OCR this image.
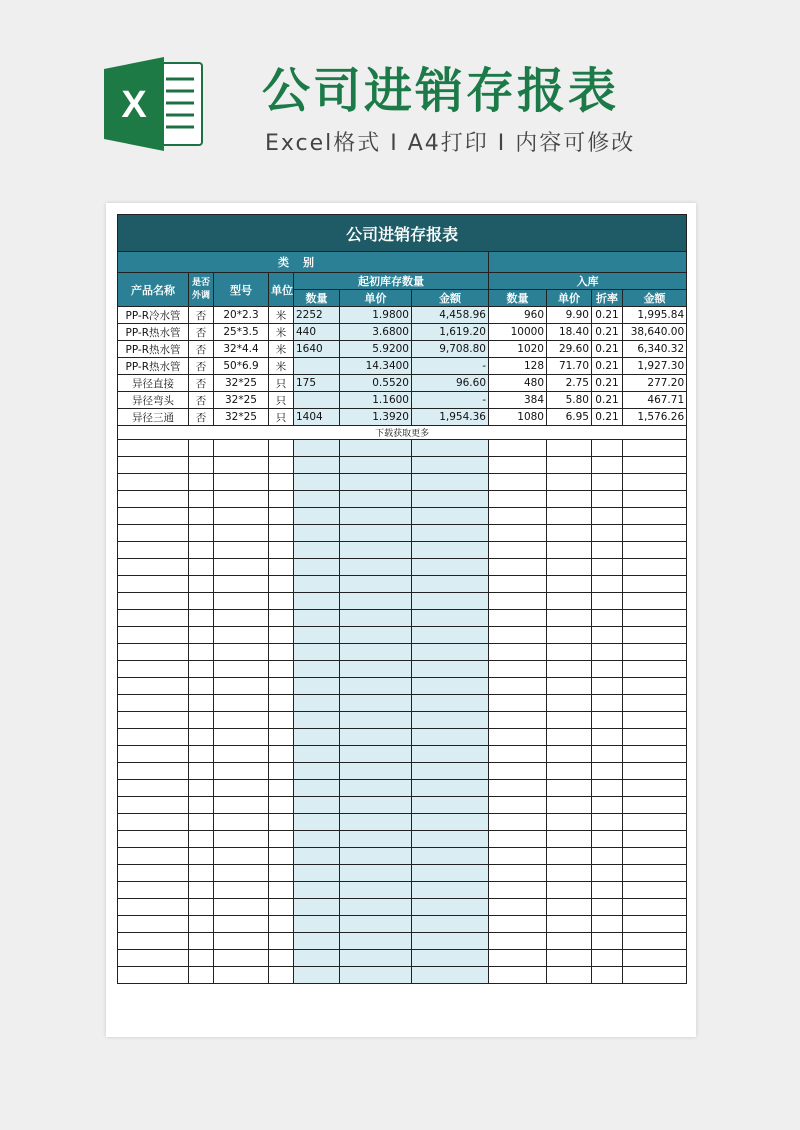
X 公司进销存报表
Excel格式 I A4打印 I 内容可修改
公司进销存报表										
类别										
产品名称	是否外调	型号	单位	起初库存数量			入库			
				数量	单价	金额	数量	单价	折率	金额
PP-R冷水管	否	20*2.3	米	2252	1.9800	4,458.96	960	9.90	0.21	1,995.84
PP-R热水管	否	25*3.5	米	440	3.6800	1,619.20	10000	18.40	0.21	38,640.00
PP-R热水管	否	32*4.4	米	1640	5.9200	9,708.80	1020	29.60	0.21	6,340.32
PP-R热水管	否	50*6.9	米		14.3400	-	128	71.70	0.21	1,927.30
异径直接	否	32*25	只	175	0.5520	96.60	480	2.75	0.21	277.20
异径弯头	否	32*25	只		1.1600	-	384	5.80	0.21	467.71
异径三通	否	32*25	只	1404	1.3920	1,954.36	1080	6.95	0.21	1,576.26
下载获取更多										
